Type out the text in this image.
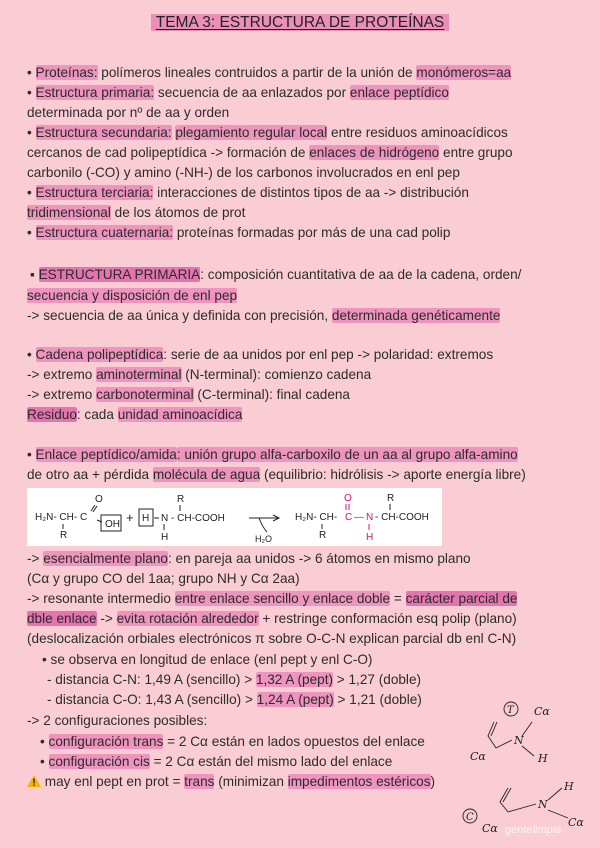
TEMA 3: ESTRUCTURA DE PROTEÍNAS
• Proteínas: polímeros lineales contruidos a partir de la unión de monómeros=aa
• Estructura primaria: secuencia de aa enlazados por enlace peptídico
determinada por nº de aa y orden
• Estructura secundaria: plegamiento regular local entre residuos aminoacídicos
cercanos de cad polipeptídica -> formación de enlaces de hidrógeno entre grupo
carbonilo (-CO) y amino (-NH-) de los carbonos involucrados en enl pep
• Estructura terciaria: interacciones de distintos tipos de aa -> distribución
tridimensional de los átomos de prot
• Estructura cuaternaria: proteínas formadas por más de una cad polip
▪ ESTRUCTURA PRIMARIA: composición cuantitativa de aa de la cadena, orden/
secuencia y disposición de enl pep
-> secuencia de aa única y definida con precisión, determinada genéticamente
• Cadena polipeptídica: serie de aa unidos por enl pep -> polaridad: extremos
-> extremo aminoterminal (N-terminal): comienzo cadena
-> extremo carbonoterminal (C-terminal): final cadena
Residuo: cada unidad aminoacídica
• Enlace peptídico/amida: unión grupo alfa-carboxilo de un aa al grupo alfa-amino
de otro aa + pérdida molécula de agua (equilibrio: hidrólisis -> aporte energía libre)
H₂N- CH- C
R
O
OH + H N - CH-COOH
R
H	H₂O
H₂N- CH-
R
C — N
O
H
- CH-COOH
R
-> esencialmente plano: en pareja aa unidos -> 6 átomos en mismo plano
(Cα y grupo CO del 1aa; grupo NH y Cα 2aa)
-> resonante intermedio entre enlace sencillo y enlace doble = carácter parcial de
dble enlace -> evita rotación alrededor + restringe conformación esq polip (plano)
(deslocalización orbiales electrónicos π sobre O-C-N explican parcial db enl C-N)
• se observa en longitud de enlace (enl pept y enl C-O)
- distancia C-N: 1,49 A (sencillo) > 1,32 A (pept) > 1,27 (doble)
- distancia C-O: 1,43 A (sencillo) > 1,24 A (pept) > 1,21 (doble)
-> 2 configuraciones posibles:
• configuración trans = 2 Cα están en lados opuestos del enlace
• configuración cis = 2 Cα están del mismo lado del enlace
may enl pept en prot = trans (minimizan impedimentos estéricos)
T Cα
N
H
Cα
C
N
H
Cα
Cα gentelimpia
